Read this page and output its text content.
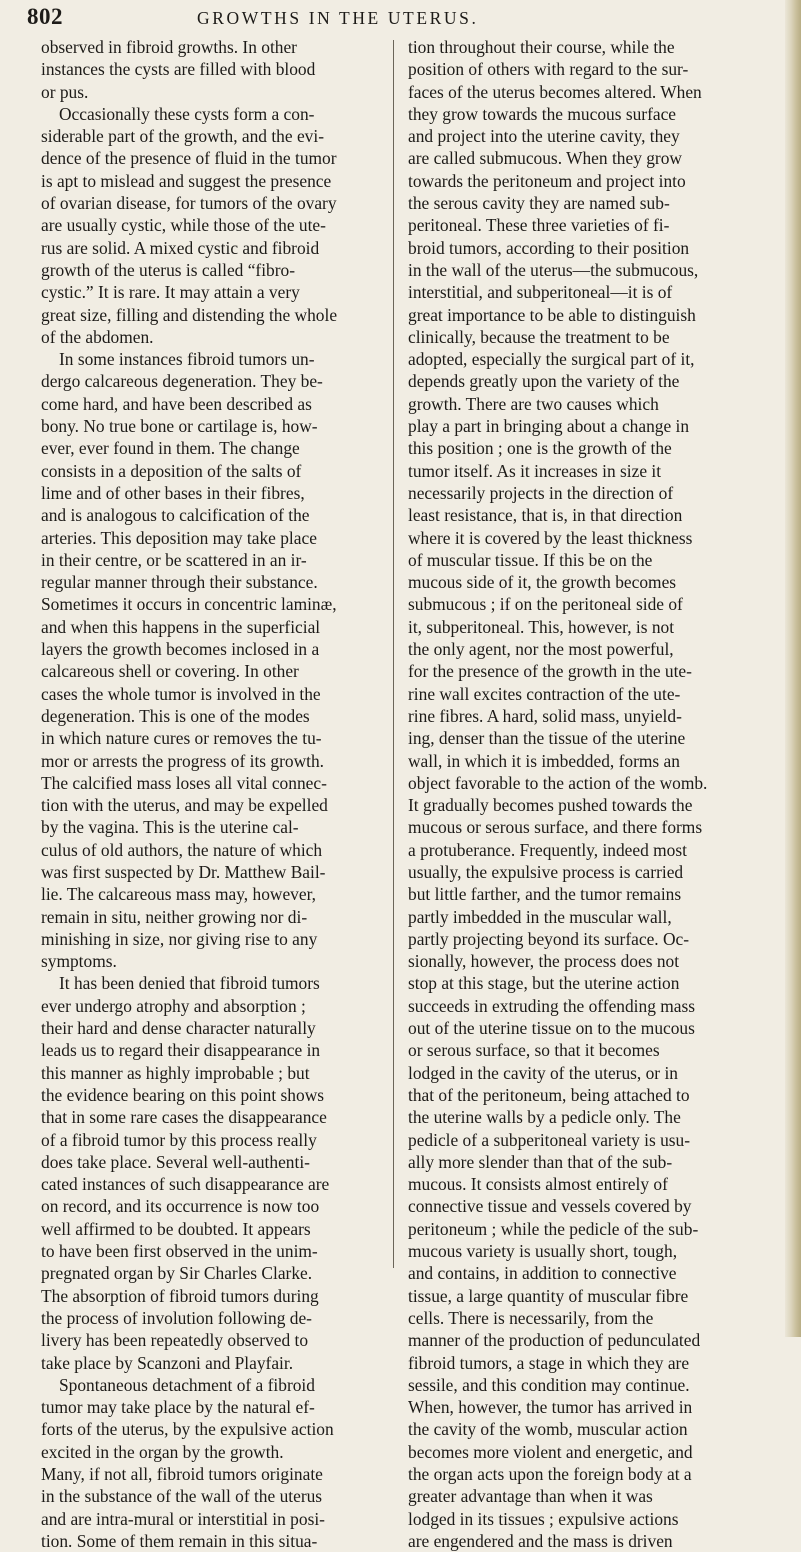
802	GROWTHS IN THE UTERUS.
observed in fibroid growths. In other
instances the cysts are filled with blood
or pus.
Occasionally these cysts form a con-
siderable part of the growth, and the evi-
dence of the presence of fluid in the tumor
is apt to mislead and suggest the presence
of ovarian disease, for tumors of the ovary
are usually cystic, while those of the ute-
rus are solid. A mixed cystic and fibroid
growth of the uterus is called “fibro-
cystic.” It is rare. It may attain a very
great size, filling and distending the whole
of the abdomen.
In some instances fibroid tumors un-
dergo calcareous degeneration. They be-
come hard, and have been described as
bony. No true bone or cartilage is, how-
ever, ever found in them. The change
consists in a deposition of the salts of
lime and of other bases in their fibres,
and is analogous to calcification of the
arteries. This deposition may take place
in their centre, or be scattered in an ir-
regular manner through their substance.
Sometimes it occurs in concentric laminæ,
and when this happens in the superficial
layers the growth becomes inclosed in a
calcareous shell or covering. In other
cases the whole tumor is involved in the
degeneration. This is one of the modes
in which nature cures or removes the tu-
mor or arrests the progress of its growth.
The calcified mass loses all vital connec-
tion with the uterus, and may be expelled
by the vagina. This is the uterine cal-
culus of old authors, the nature of which
was first suspected by Dr. Matthew Bail-
lie. The calcareous mass may, however,
remain in situ, neither growing nor di-
minishing in size, nor giving rise to any
symptoms.
It has been denied that fibroid tumors
ever undergo atrophy and absorption ;
their hard and dense character naturally
leads us to regard their disappearance in
this manner as highly improbable ; but
the evidence bearing on this point shows
that in some rare cases the disappearance
of a fibroid tumor by this process really
does take place. Several well-authenti-
cated instances of such disappearance are
on record, and its occurrence is now too
well affirmed to be doubted. It appears
to have been first observed in the unim-
pregnated organ by Sir Charles Clarke.
The absorption of fibroid tumors during
the process of involution following de-
livery has been repeatedly observed to
take place by Scanzoni and Playfair.
Spontaneous detachment of a fibroid
tumor may take place by the natural ef-
forts of the uterus, by the expulsive action
excited in the organ by the growth.
Many, if not all, fibroid tumors originate
in the substance of the wall of the uterus
and are intra-mural or interstitial in posi-
tion. Some of them remain in this situa-
tion throughout their course, while the
position of others with regard to the sur-
faces of the uterus becomes altered. When
they grow towards the mucous surface
and project into the uterine cavity, they
are called submucous. When they grow
towards the peritoneum and project into
the serous cavity they are named sub-
peritoneal. These three varieties of fi-
broid tumors, according to their position
in the wall of the uterus—the submucous,
interstitial, and subperitoneal—it is of
great importance to be able to distinguish
clinically, because the treatment to be
adopted, especially the surgical part of it,
depends greatly upon the variety of the
growth. There are two causes which
play a part in bringing about a change in
this position ; one is the growth of the
tumor itself. As it increases in size it
necessarily projects in the direction of
least resistance, that is, in that direction
where it is covered by the least thickness
of muscular tissue. If this be on the
mucous side of it, the growth becomes
submucous ; if on the peritoneal side of
it, subperitoneal. This, however, is not
the only agent, nor the most powerful,
for the presence of the growth in the ute-
rine wall excites contraction of the ute-
rine fibres. A hard, solid mass, unyield-
ing, denser than the tissue of the uterine
wall, in which it is imbedded, forms an
object favorable to the action of the womb.
It gradually becomes pushed towards the
mucous or serous surface, and there forms
a protuberance. Frequently, indeed most
usually, the expulsive process is carried
but little farther, and the tumor remains
partly imbedded in the muscular wall,
partly projecting beyond its surface. Oc-
sionally, however, the process does not
stop at this stage, but the uterine action
succeeds in extruding the offending mass
out of the uterine tissue on to the mucous
or serous surface, so that it becomes
lodged in the cavity of the uterus, or in
that of the peritoneum, being attached to
the uterine walls by a pedicle only. The
pedicle of a subperitoneal variety is usu-
ally more slender than that of the sub-
mucous. It consists almost entirely of
connective tissue and vessels covered by
peritoneum ; while the pedicle of the sub-
mucous variety is usually short, tough,
and contains, in addition to connective
tissue, a large quantity of muscular fibre
cells. There is necessarily, from the
manner of the production of pedunculated
fibroid tumors, a stage in which they are
sessile, and this condition may continue.
When, however, the tumor has arrived in
the cavity of the womb, muscular action
becomes more violent and energetic, and
the organ acts upon the foreign body at a
greater advantage than when it was
lodged in its tissues ; expulsive actions
are engendered and the mass is driven
